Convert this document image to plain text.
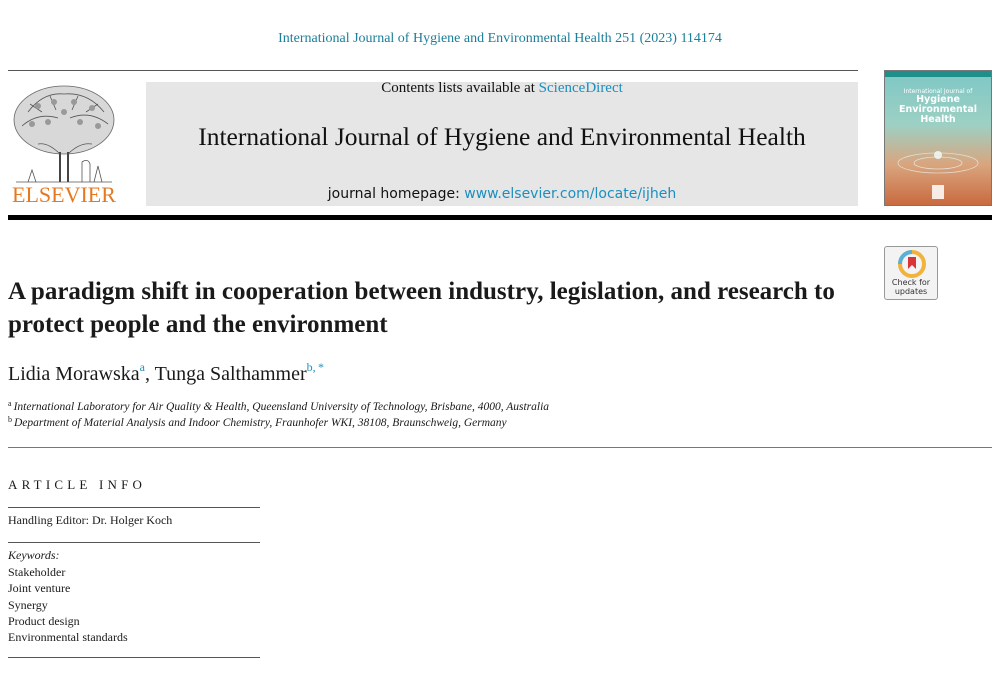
International Journal of Hygiene and Environmental Health 251 (2023) 114174
ELSEVIER
Contents lists available at ScienceDirect
International Journal of Hygiene and Environmental Health
journal homepage: www.elsevier.com/locate/ijheh
International Journal of
Hygiene
Environmental Health
Check for updates
A paradigm shift in cooperation between industry, legislation, and research to protect people and the environment
Lidia Morawska$^a$, Tunga Salthammer$^{b, *}$
$^a$ International Laboratory for Air Quality & Health, Queensland University of Technology, Brisbane, 4000, Australia
$^b$ Department of Material Analysis and Indoor Chemistry, Fraunhofer WKI, 38108, Braunschweig, Germany
ARTICLE INFO
Handling Editor: Dr. Holger Koch
Keywords:
Stakeholder
Joint venture
Synergy
Product design
Environmental standards
